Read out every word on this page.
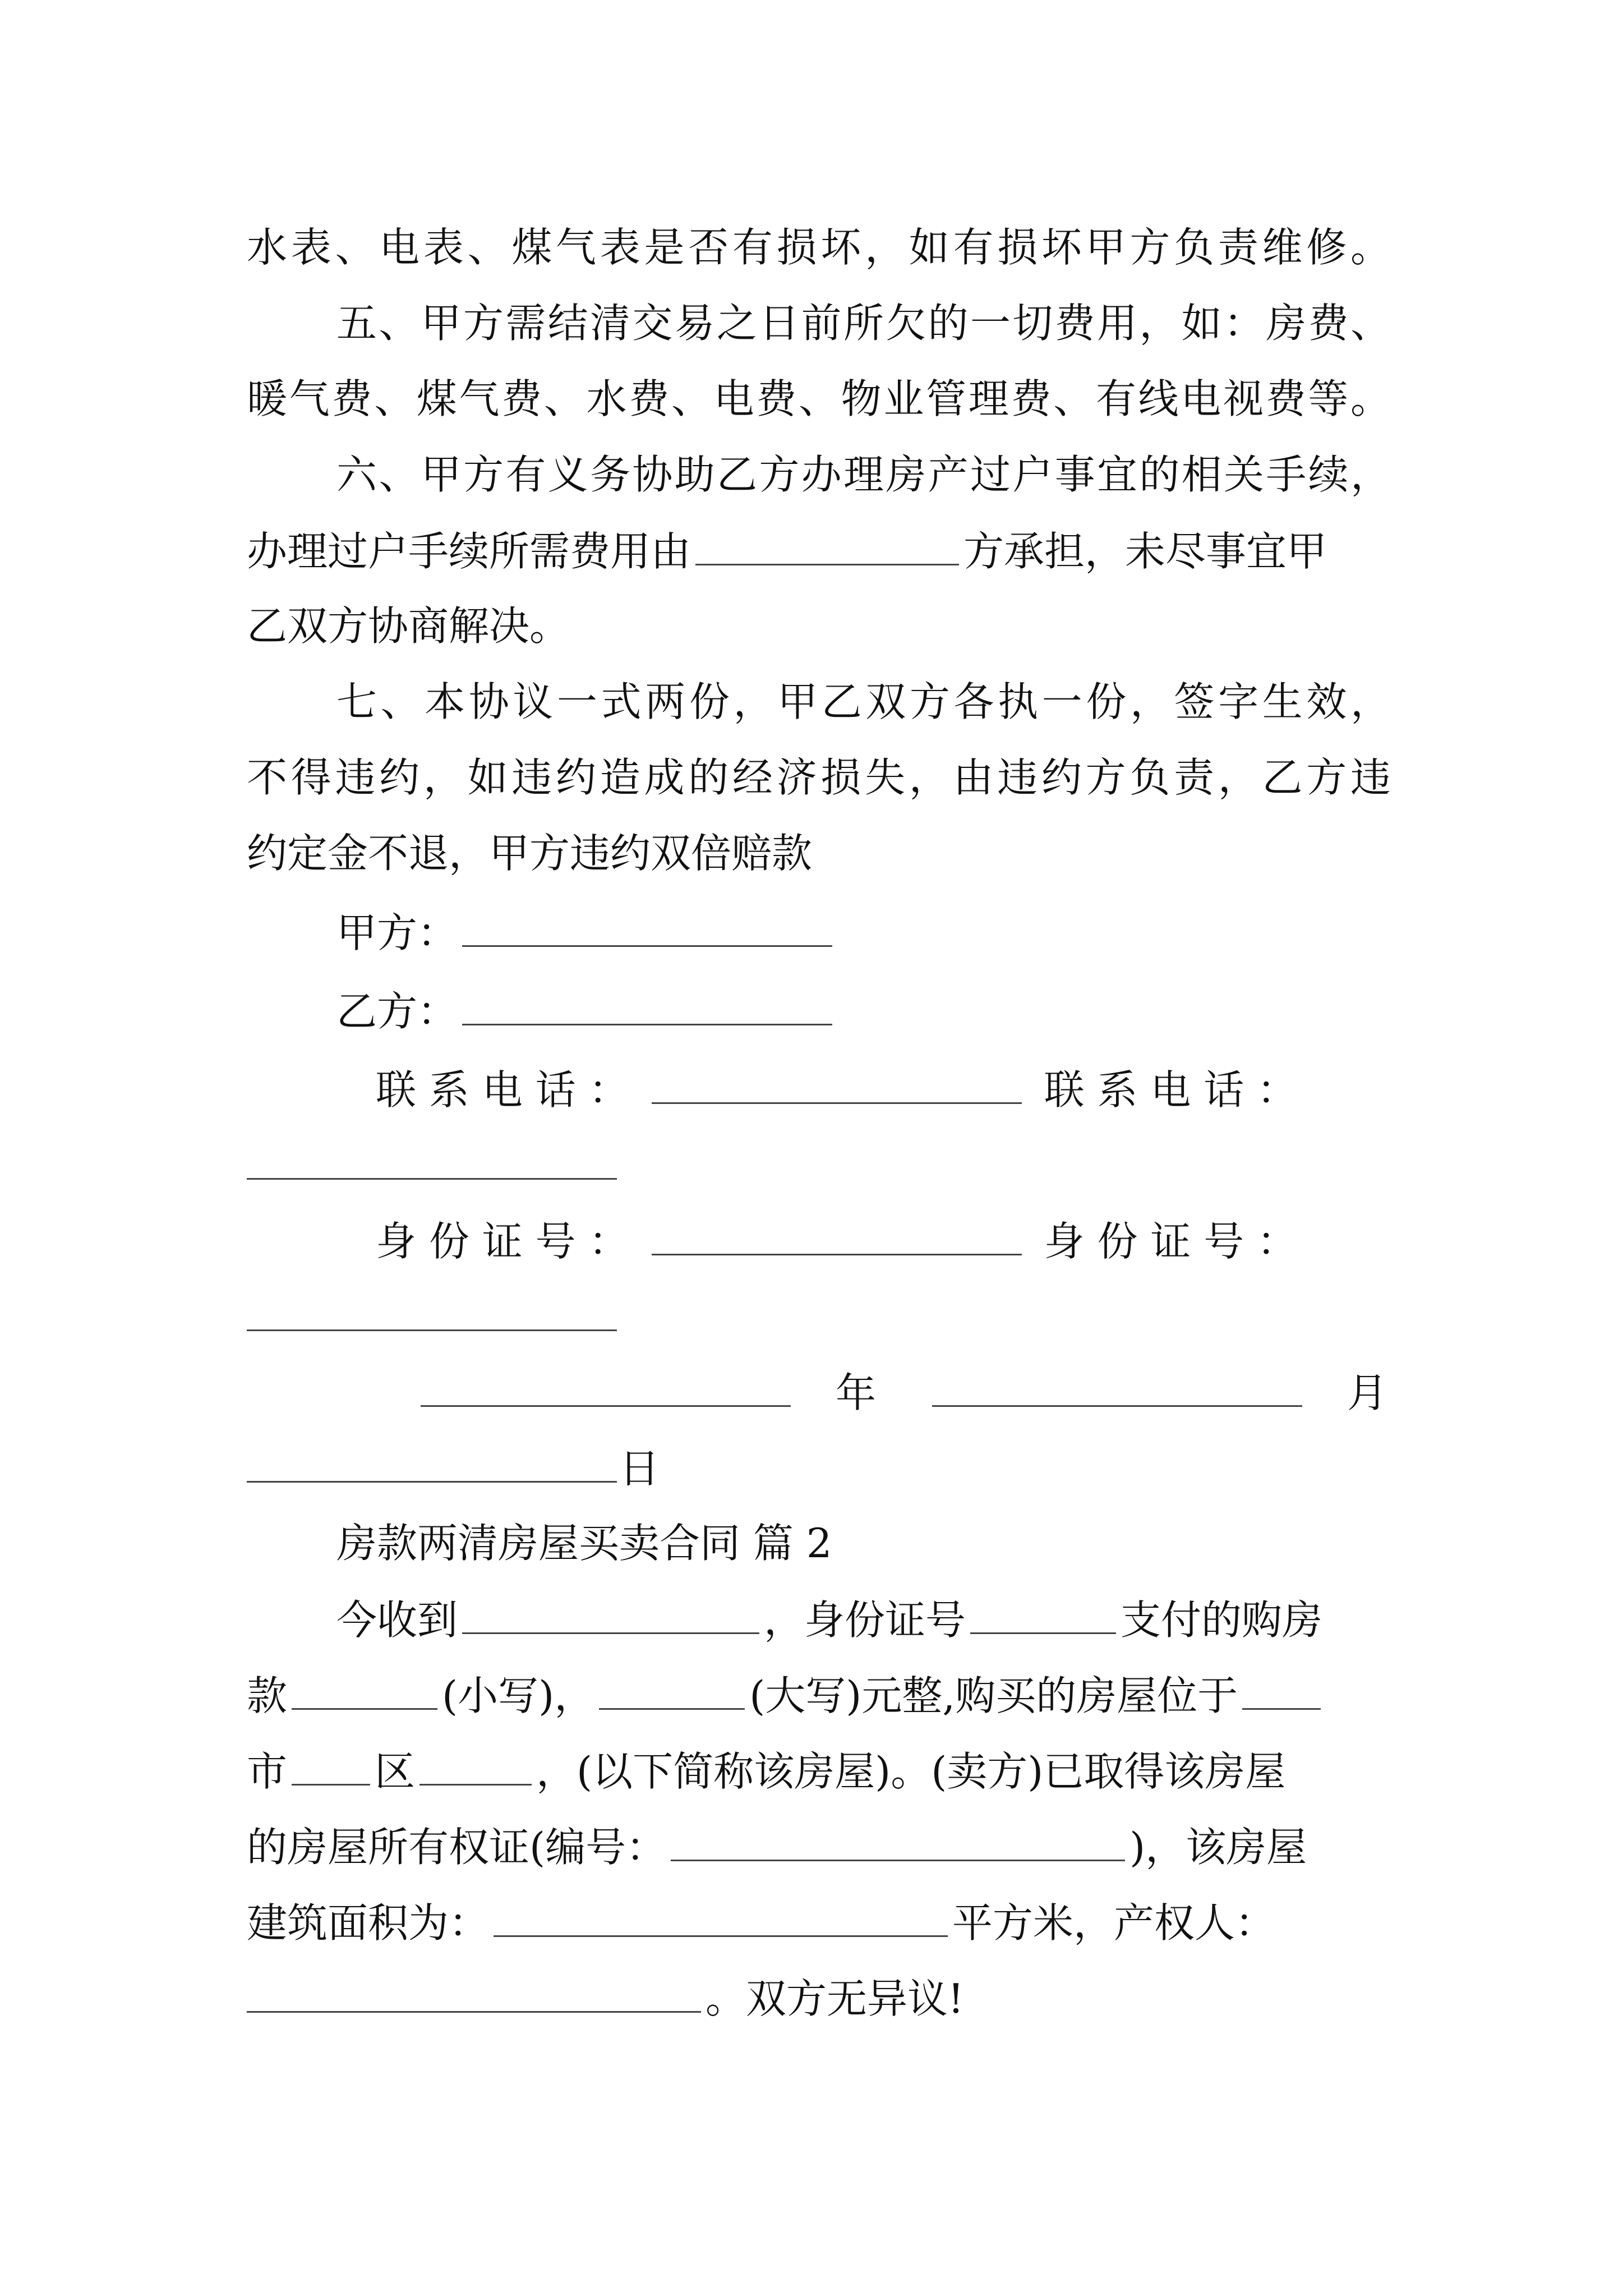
水表、电表、煤气表是否有损坏，如有损坏甲方负责维修。
五、甲方需结清交易之日前所欠的一切费用，如：房费、
暖气费、煤气费、水费、电费、物业管理费、有线电视费等。
六、甲方有义务协助乙方办理房产过户事宜的相关手续，
办理过户手续所需费用由	方承担，未尽事宜甲
乙双方协商解决。
七、本协议一式两份，甲乙双方各执一份，签字生效，
不得违约，如违约造成的经济损失，由违约方负责，乙方违
约定金不退，甲方违约双倍赔款
甲方：
乙方：
联 系 电 话 ：	联 系 电 话 ：
身 份 证 号 ：	身 份 证 号 ：
年	月
日
房款两清房屋买卖合同 篇 2
今收到	，身份证号	支付的购房
款	(小写)，	(大写)元整,购买的房屋位于
市 区	，(以下简称该房屋)。(卖方)已取得该房屋
的房屋所有权证(编号：	)，该房屋
建筑面积为：	平方米，产权人：
。双方无异议!
